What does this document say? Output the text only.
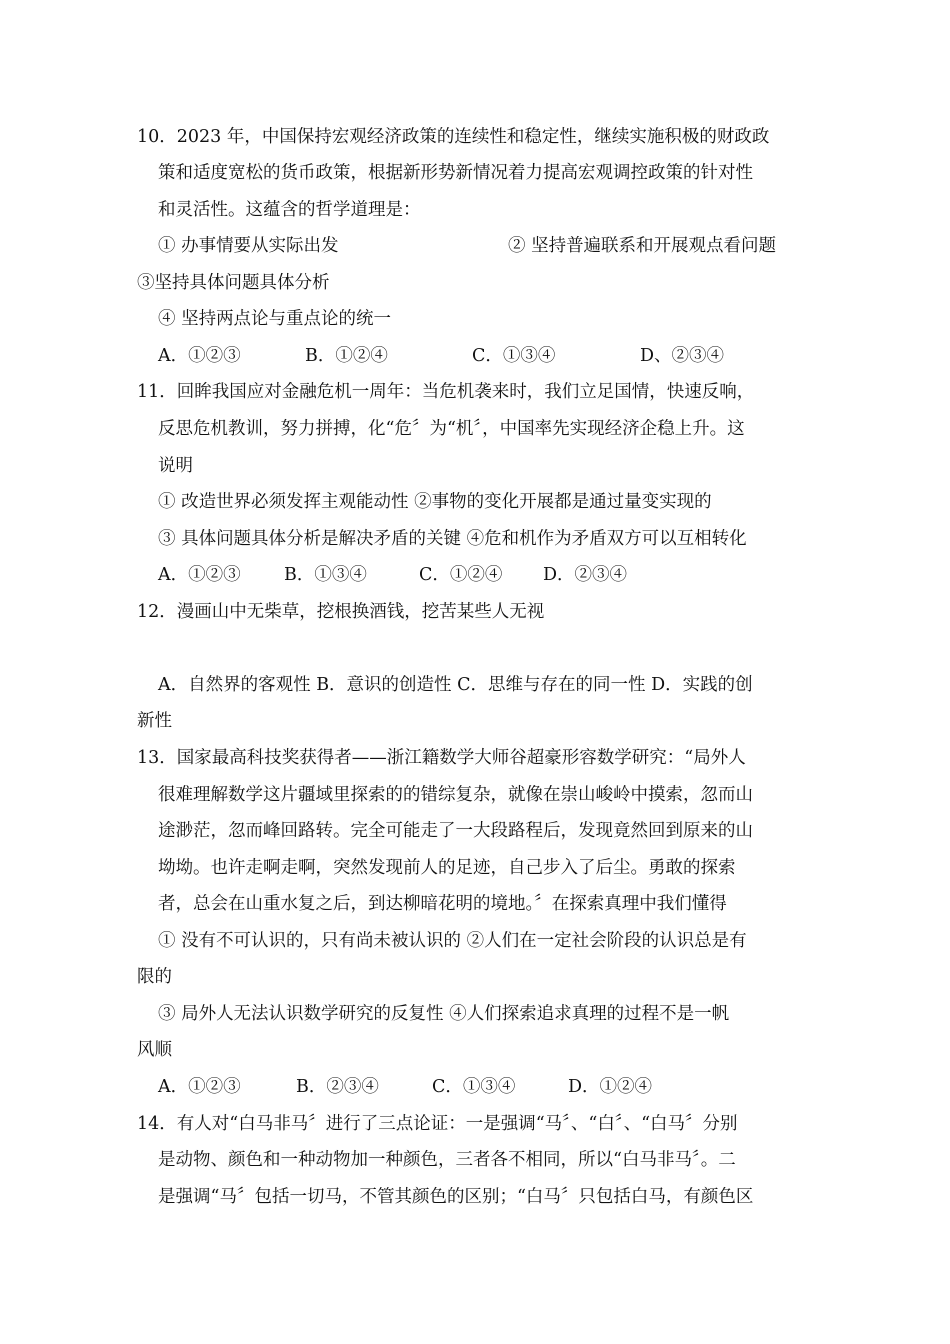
10．2023 年，中国保持宏观经济政策的连续性和稳定性，继续实施积极的财政政
策和适度宽松的货币政策，根据新形势新情况着力提高宏观调控政策的针对性
和灵活性。这蕴含的哲学道理是：
① 办事情要从实际出发	② 坚持普遍联系和开展观点看问题
③坚持具体问题具体分析
④ 坚持两点论与重点论的统一
A．①②③	B．①②④	C．①③④	D、②③④
11．回眸我国应对金融危机一周年：当危机袭来时，我们立足国情，快速反响，
反思危机教训，努力拼搏，化“危〞为“机〞，中国率先实现经济企稳上升。这
说明
① 改造世界必须发挥主观能动性 ②事物的变化开展都是通过量变实现的
③ 具体问题具体分析是解决矛盾的关键 ④危和机作为矛盾双方可以互相转化
A．①②③ B．①③④	C．①②④ D．②③④
12．漫画山中无柴草，挖根换酒钱，挖苦某些人无视
A．自然界的客观性 B．意识的创造性 C．思维与存在的同一性 D．实践的创
新性
13．国家最高科技奖获得者——浙江籍数学大师谷超豪形容数学研究：“局外人
很难理解数学这片疆域里探索的的错综复杂，就像在崇山峻岭中摸索，忽而山
途渺茫，忽而峰回路转。完全可能走了一大段路程后，发现竟然回到原来的山
坳坳。也许走啊走啊，突然发现前人的足迹，自己步入了后尘。勇敢的探索
者，总会在山重水复之后，到达柳暗花明的境地。〞在探索真理中我们懂得
① 没有不可认识的，只有尚未被认识的 ②人们在一定社会阶段的认识总是有
限的
③ 局外人无法认识数学研究的反复性 ④人们探索追求真理的过程不是一帆
风顺
A．①②③	B．②③④	C．①③④	D．①②④
14．有人对“白马非马〞进行了三点论证：一是强调“马〞、“白〞、“白马〞分别
是动物、颜色和一种动物加一种颜色，三者各不相同，所以“白马非马〞。二
是强调“马〞包括一切马，不管其颜色的区别；“白马〞只包括白马，有颜色区
